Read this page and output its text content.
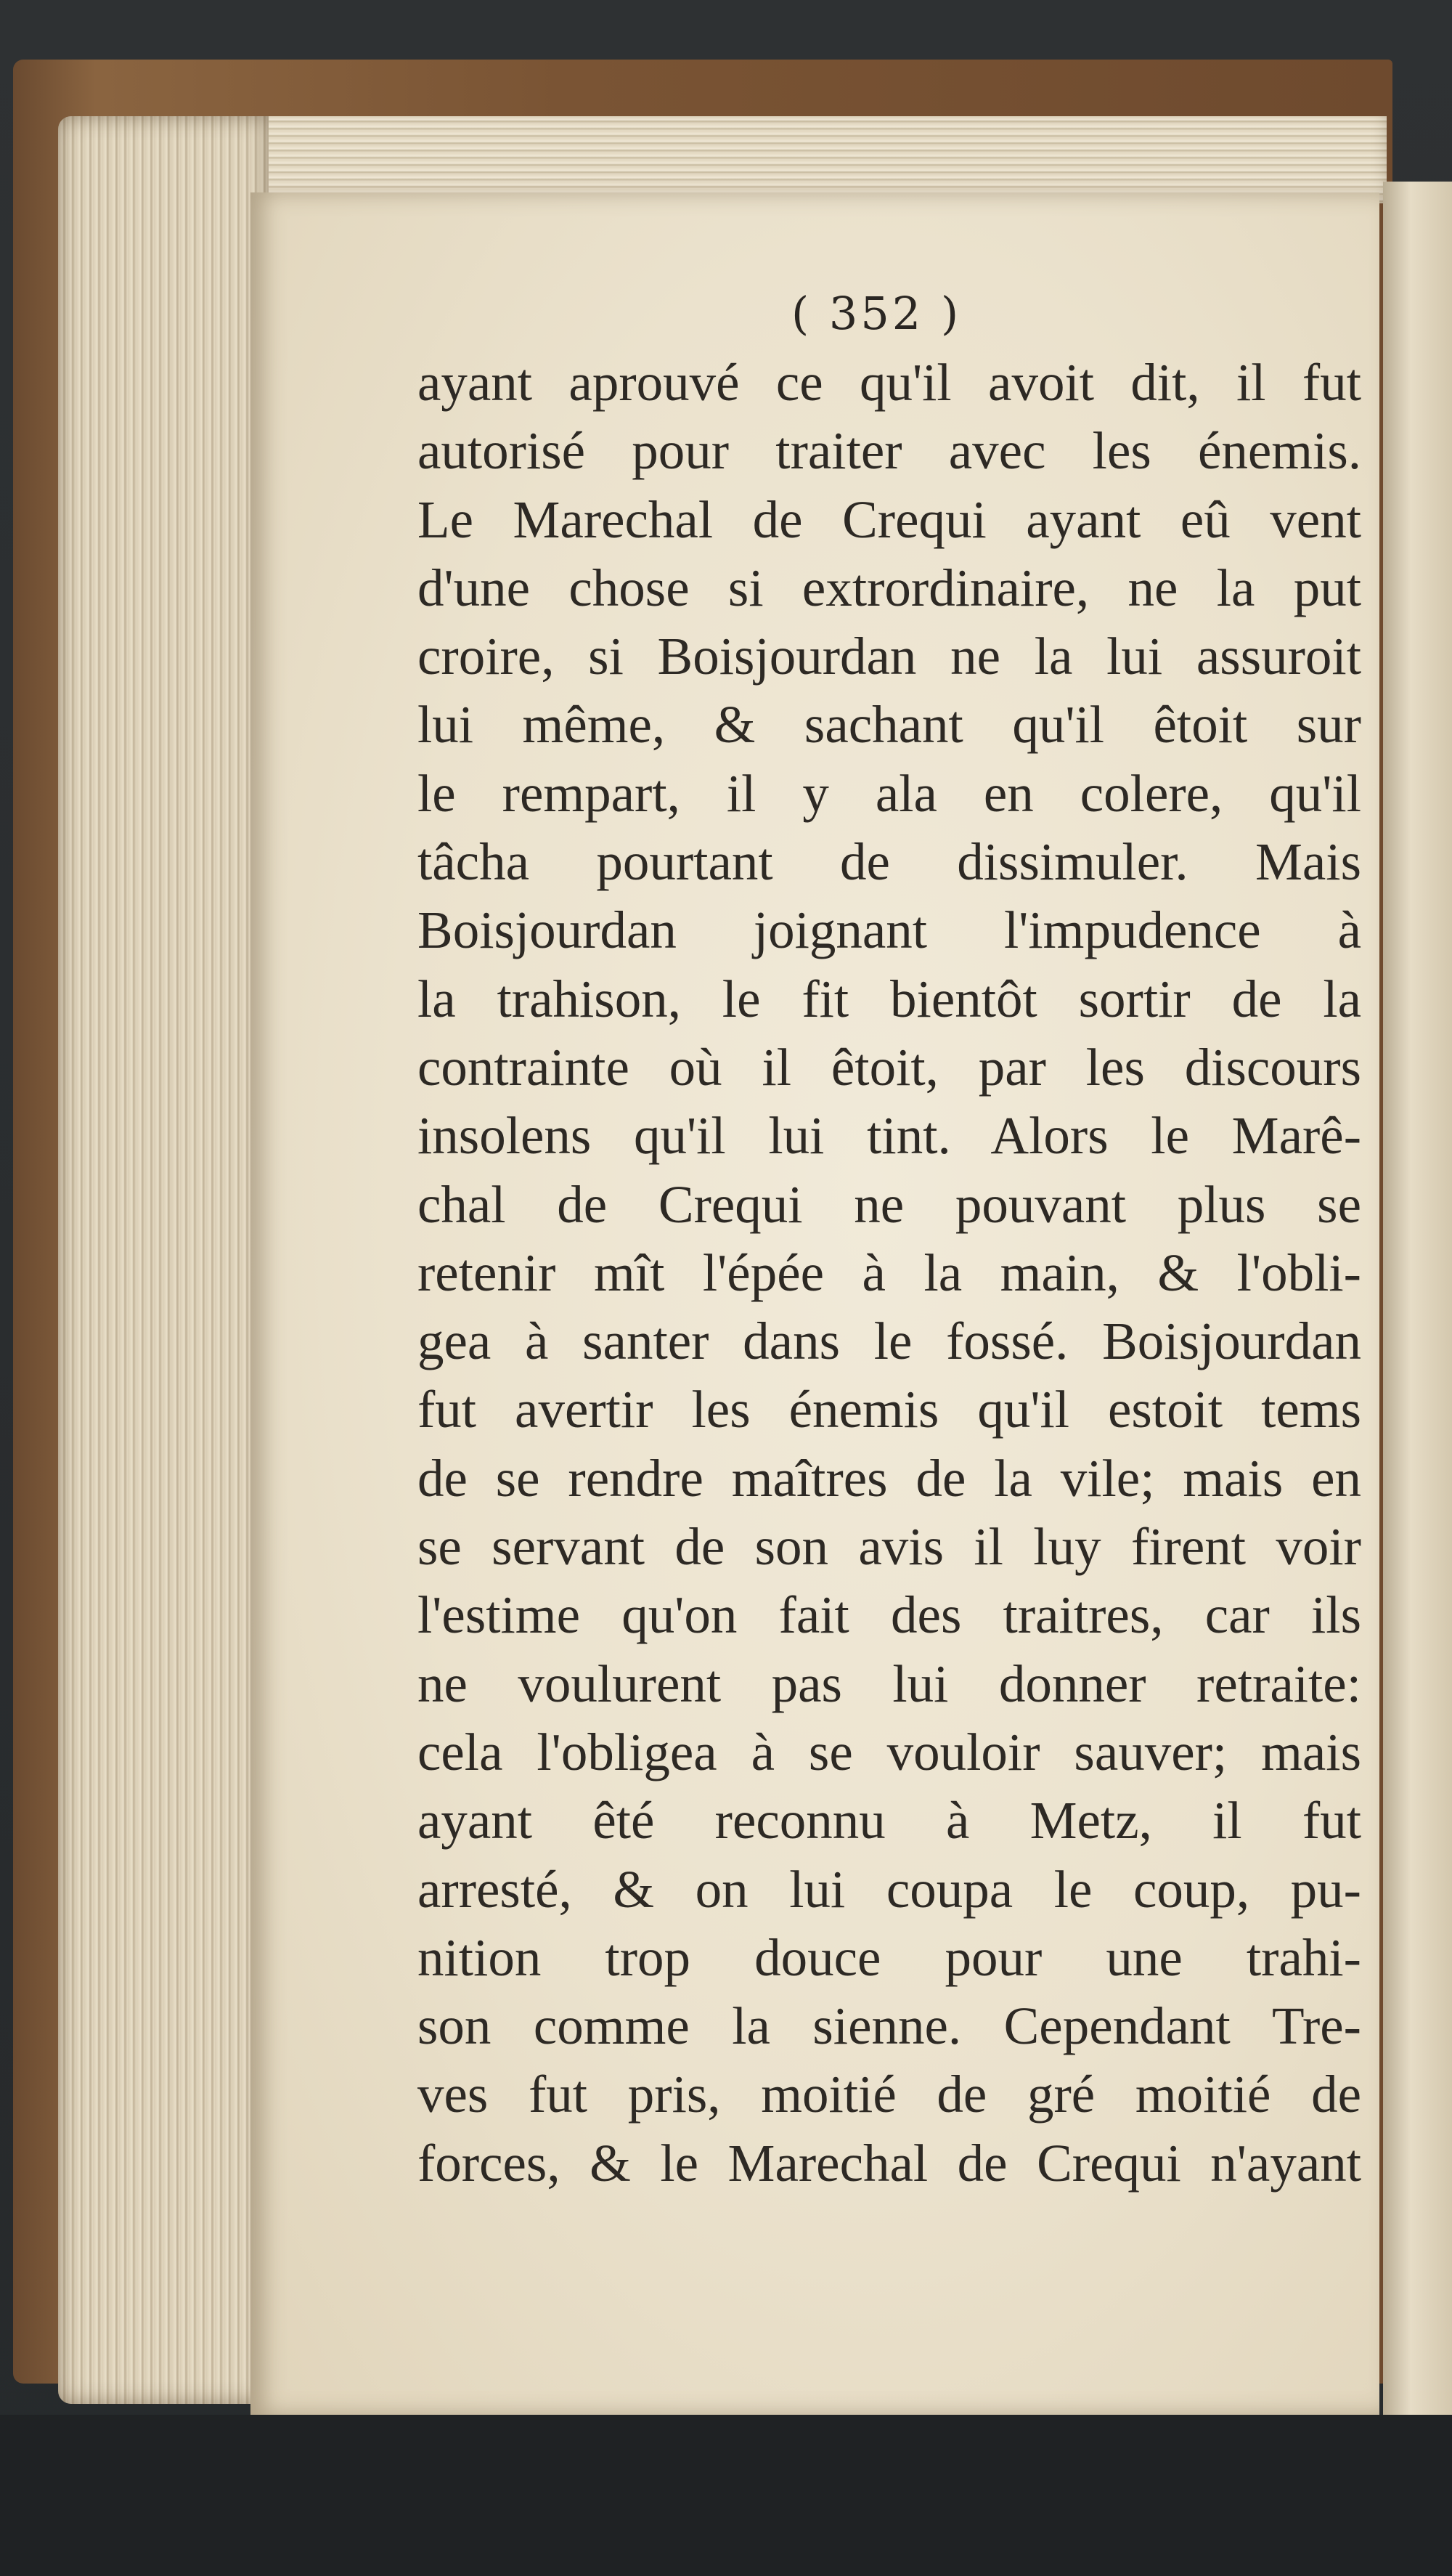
( 352 )
ayant aprouvé ce qu'il avoit dit, il fut
autorisé pour traiter avec les énemis.
Le Marechal de Crequi ayant eû vent
d'une chose si extrordinaire, ne la put
croire, si Boisjourdan ne la lui assuroit
lui même, & sachant qu'il êtoit sur
le rempart, il y ala en colere, qu'il
tâcha pourtant de dissimuler. Mais
Boisjourdan joignant l'impudence à
la trahison, le fit bientôt sortir de la
contrainte où il êtoit, par les discours
insolens qu'il lui tint. Alors le Marê-
chal de Crequi ne pouvant plus se
retenir mît l'épée à la main, & l'obli-
gea à santer dans le fossé. Boisjourdan
fut avertir les énemis qu'il estoit tems
de se rendre maîtres de la vile; mais en
se servant de son avis il luy firent voir
l'estime qu'on fait des traitres, car ils
ne voulurent pas lui donner retraite:
cela l'obligea à se vouloir sauver; mais
ayant êté reconnu à Metz, il fut
arresté, & on lui coupa le coup, pu-
nition trop douce pour une trahi-
son comme la sienne. Cependant Tre-
ves fut pris, moitié de gré moitié de
forces, & le Marechal de Crequi n'ayant
